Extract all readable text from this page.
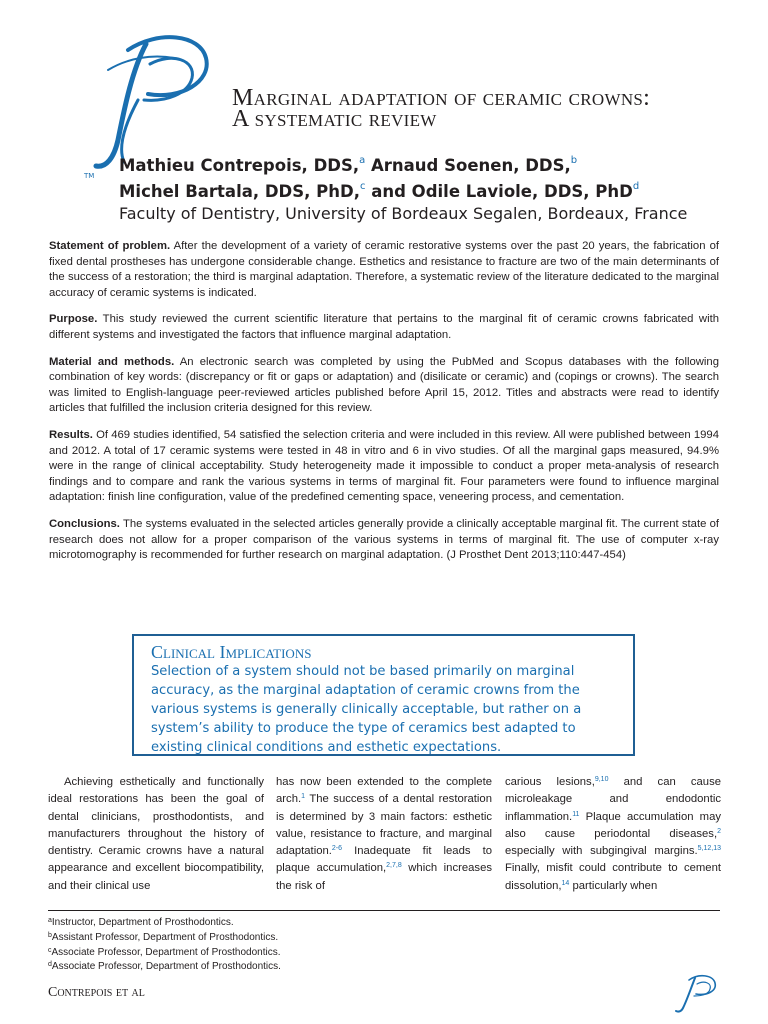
TM
Marginal adaptation of ceramic crowns:
A systematic review
Mathieu Contrepois, DDS,$^a$ Arnaud Soenen, DDS,$^b$
Michel Bartala, DDS, PhD,$^c$ and Odile Laviole, DDS, PhD$^d$
Faculty of Dentistry, University of Bordeaux Segalen, Bordeaux, France

Statement of problem. After the development of a variety of ceramic restorative systems over the past 20 years, the fabrication of fixed dental prostheses has undergone considerable change. Esthetics and resistance to fracture are two of the main determinants of the success of a restoration; the third is marginal adaptation. Therefore, a systematic review of the literature dedicated to the marginal accuracy of ceramic systems is indicated.

Purpose. This study reviewed the current scientific literature that pertains to the marginal fit of ceramic crowns fabricated with different systems and investigated the factors that influence marginal adaptation.

Material and methods. An electronic search was completed by using the PubMed and Scopus databases with the following combination of key words: (discrepancy or fit or gaps or adaptation) and (disilicate or ceramic) and (copings or crowns). The search was limited to English-language peer-reviewed articles published before April 15, 2012. Titles and abstracts were read to identify articles that fulfilled the inclusion criteria designed for this review.

Results. Of 469 studies identified, 54 satisfied the selection criteria and were included in this review. All were published between 1994 and 2012. A total of 17 ceramic systems were tested in 48 in vitro and 6 in vivo studies. Of all the marginal gaps measured, 94.9% were in the range of clinical acceptability. Study heterogeneity made it impossible to conduct a proper meta-analysis of research findings and to compare and rank the various systems in terms of marginal fit. Four parameters were found to influence marginal adaptation: finish line configuration, value of the predefined cementing space, veneering process, and cementation.

Conclusions. The systems evaluated in the selected articles generally provide a clinically acceptable marginal fit. The current state of research does not allow for a proper comparison of the various systems in terms of marginal fit. The use of computer x-ray microtomography is recommended for further research on marginal adaptation. (J Prosthet Dent 2013;110:447-454)

Clinical Implications
Selection of a system should not be based primarily on marginal accuracy, as the marginal adaptation of ceramic crowns from the various systems is generally clinically acceptable, but rather on a system’s ability to produce the type of ceramics best adapted to existing clinical conditions and esthetic expectations.
Achieving esthetically and functionally ideal restorations has been the goal of dental clinicians, prosthodontists, and manufacturers throughout the history of dentistry. Ceramic crowns have a natural appearance and excellent biocompatibility, and their clinical use
has now been extended to the complete arch.$^1$ The success of a dental restoration is determined by 3 main factors: esthetic value, resistance to fracture, and marginal adaptation.$^{2-6}$ Inadequate fit leads to plaque accumulation,$^{2,7,8}$ which increases the risk of
carious lesions,$^{9,10}$ and can cause microleakage and endodontic inflammation.$^{11}$ Plaque accumulation may also cause periodontal diseases,$^2$ especially with subgingival margins.$^{5,12,13}$ Finally, misfit could contribute to cement dissolution,$^{14}$ particularly when
$^a$Instructor, Department of Prosthodontics.
$^b$Assistant Professor, Department of Prosthodontics.
$^c$Associate Professor, Department of Prosthodontics.
$^d$Associate Professor, Department of Prosthodontics.
Contrepois et al
